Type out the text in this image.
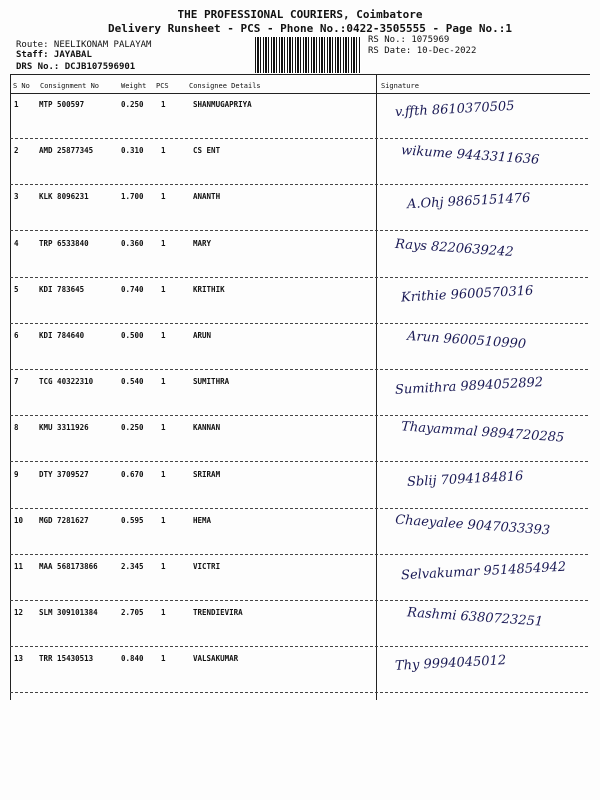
THE PROFESSIONAL COURIERS, Coimbatore
Delivery Runsheet - PCS - Phone No.:0422-3505555 - Page No.:1
Route: NEELIKONAM PALAYAM
Staff: JAYABAL
DRS No.: DCJB107596901
RS No.: 1075969
RS Date: 10-Dec-2022
S No Consignment No	Weight PCS	Consignee Details	Signature
1	MTP 500597	0.250 1	SHANMUGAPRIYA	v.ffth 8610370505
2	AMD 25877345	0.310 1	CS ENT	wikume 9443311636
3	KLK 8096231	1.700 1	ANANTH	A.Ohj 9865151476
4	TRP 6533840	0.360 1	MARY	Rays 8220639242
5	KDI 783645	0.740 1	KRITHIK	Krithie 9600570316
6	KDI 784640	0.500 1	ARUN	Arun 9600510990
7	TCG 40322310	0.540 1	SUMITHRA	Sumithra 9894052892
8	KMU 3311926	0.250 1	KANNAN	Thayammal 9894720285
9	DTY 3709527	0.670 1	SRIRAM	Sblij 7094184816
10 MGD 7281627	0.595 1	HEMA	Chaeyalee 9047033393
11 MAA 568173866	2.345 1	VICTRI	Selvakumar 9514854942
12 SLM 309101384	2.705 1	TRENDIEVIRA	Rashmi 6380723251
13 TRR 15430513	0.840 1	VALSAKUMAR	Thy 9994045012
